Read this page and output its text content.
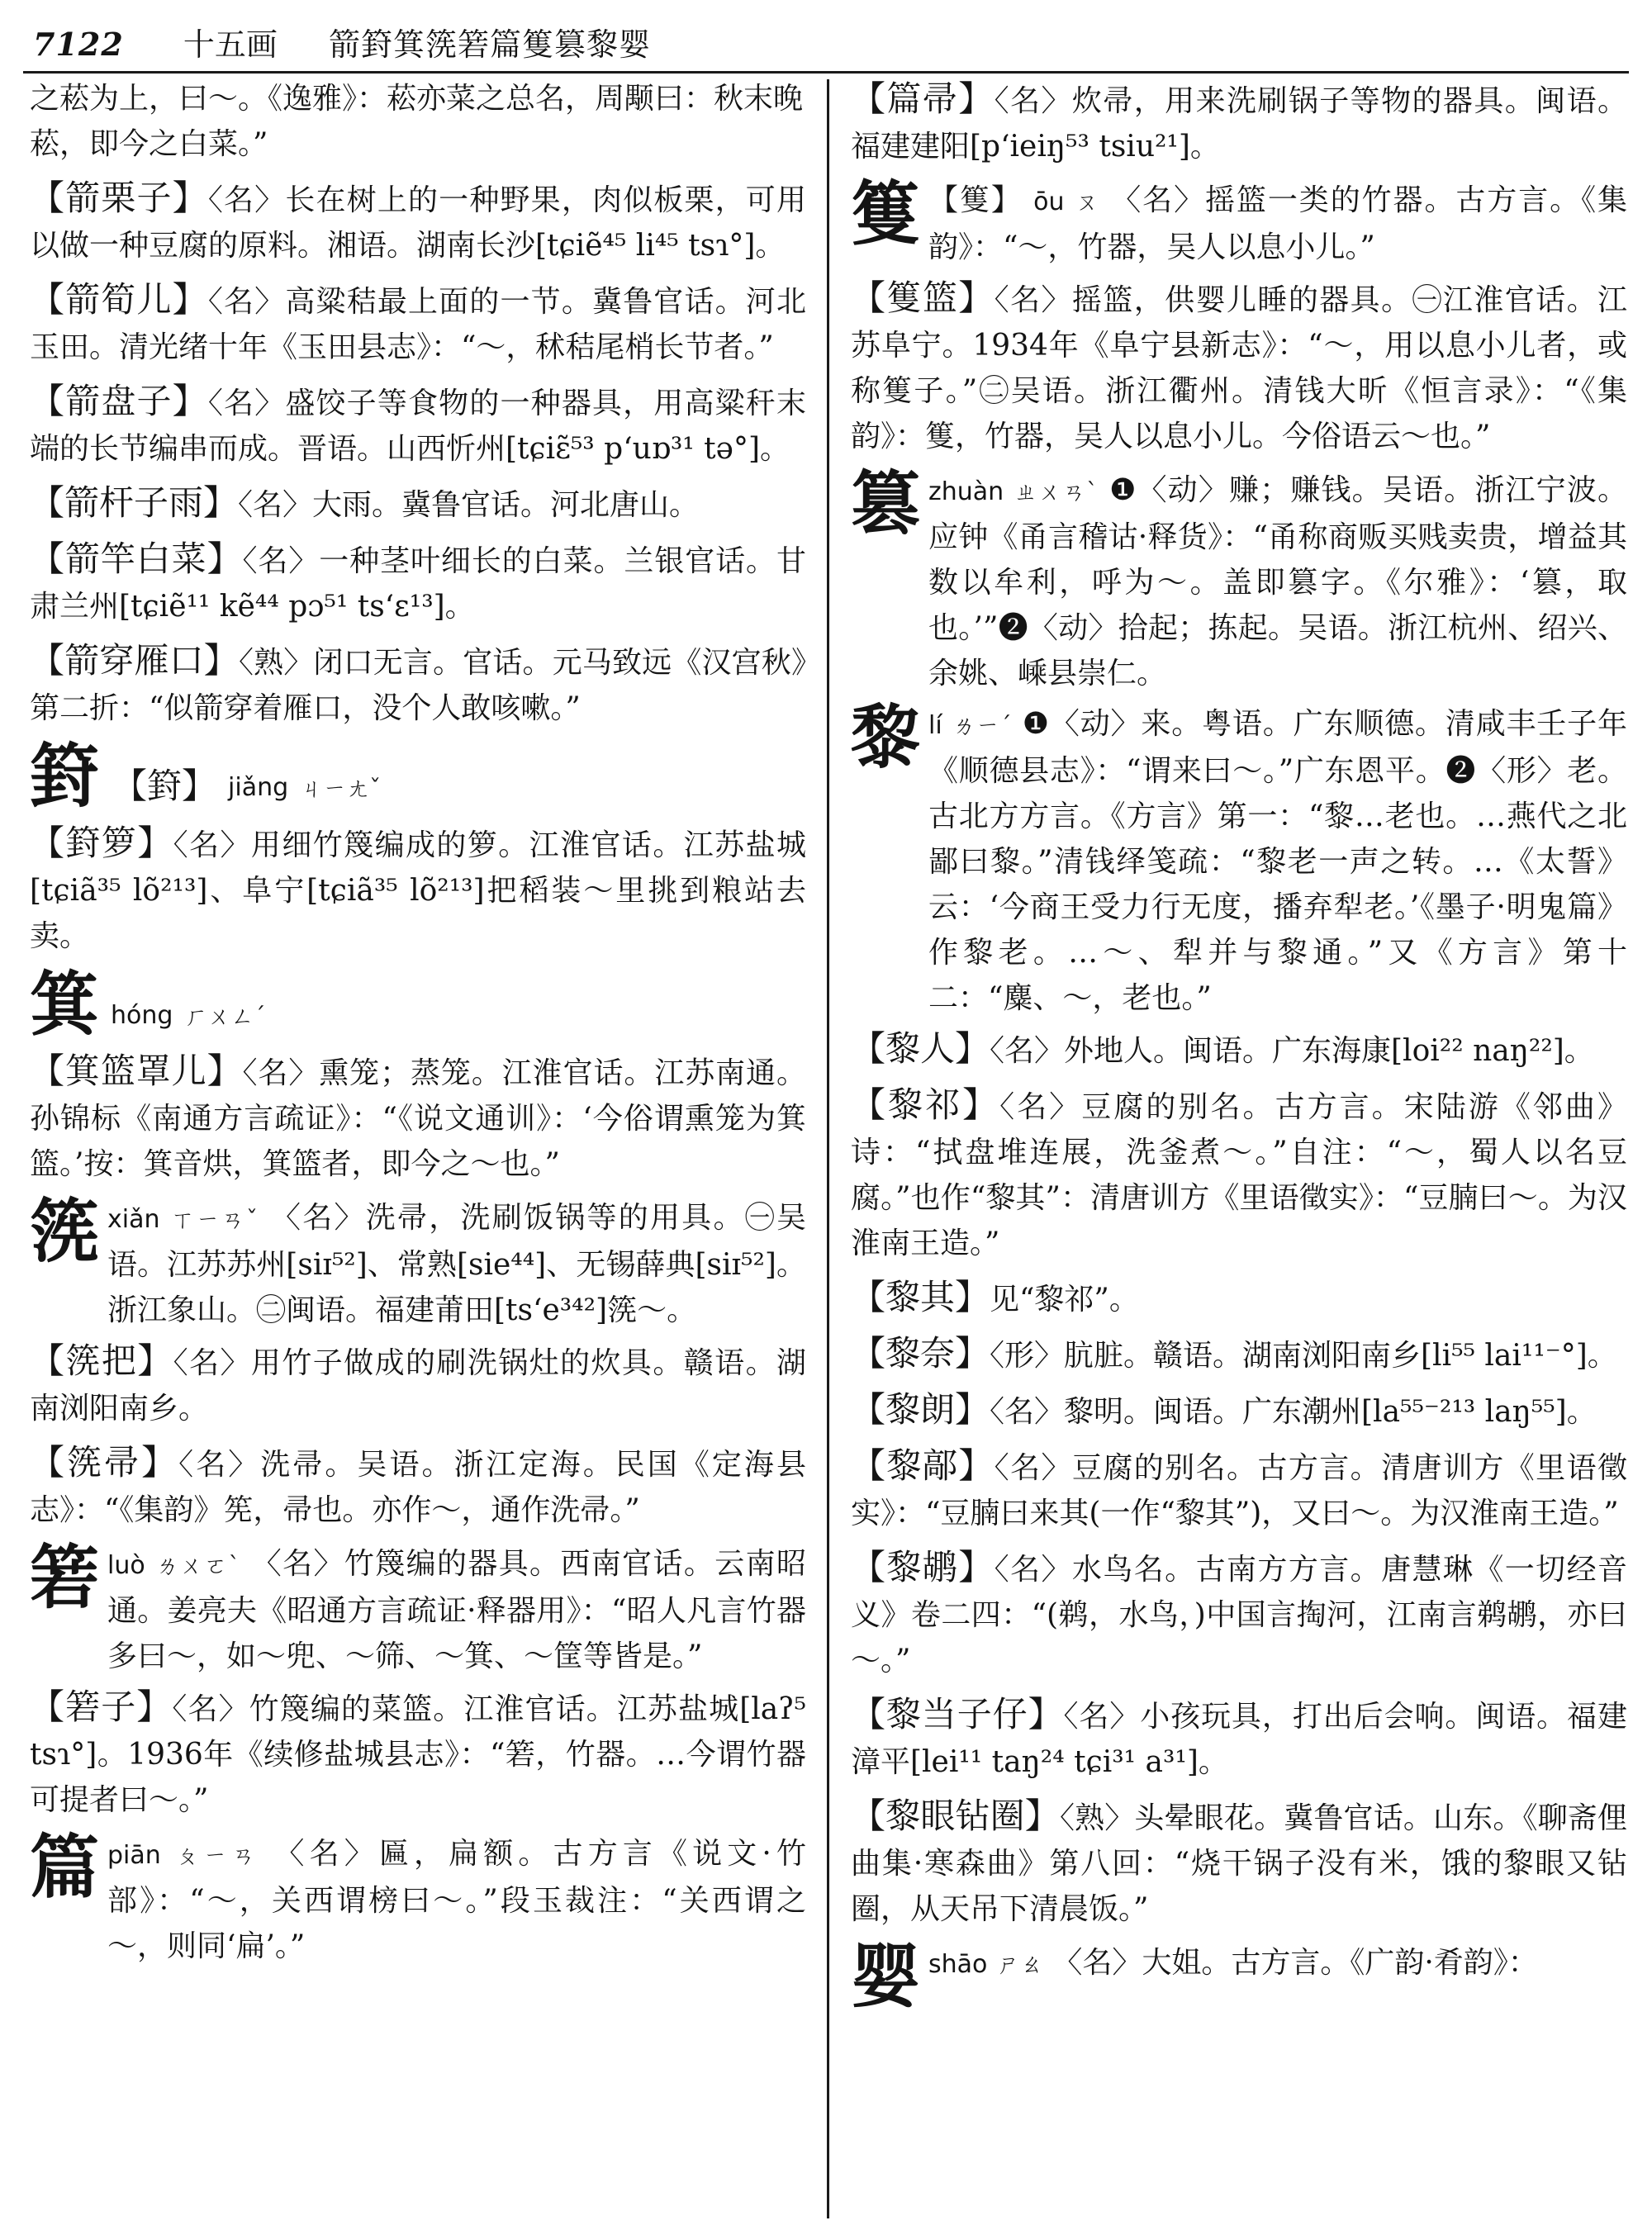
7122 十五画 箭篈箕箲箬篇篗篡黎婴

之菘为上，曰～。《逸雅》：菘亦菜之总名，周颙曰：秋末晚菘，即今之白菜。”

【箭栗子】〈名〉长在树上的一种野果，肉似板栗，可用以做一种豆腐的原料。湘语。湖南长沙[tɕiẽ⁴⁵ li⁴⁵ tsɿ°]。

【箭筍儿】〈名〉高粱秸最上面的一节。冀鲁官话。河北玉田。清光绪十年《玉田县志》：“～，秫秸尾梢长节者。”

【箭盘子】〈名〉盛饺子等食物的一种器具，用高粱秆末端的长节编串而成。晋语。山西忻州[tɕiɛ̃⁵³ pʻuɒ³¹ tə°]。

【箭杆子雨】〈名〉大雨。冀鲁官话。河北唐山。

【箭竿白菜】〈名〉一种茎叶细长的白菜。兰银官话。甘肃兰州[tɕiẽ¹¹ kẽ⁴⁴ pɔ⁵¹ tsʻɛ¹³]。

【箭穿雁口】〈熟〉闭口无言。官话。元马致远《汉宫秋》第二折：“似箭穿着雁口，没个人敢咳嗽。”

篈 【篈】 jiǎng ㄐㄧㄤˇ

【篈箩】〈名〉用细竹篾编成的箩。江淮官话。江苏盐城[tɕiã³⁵ lõ²¹³]、阜宁[tɕiã³⁵ lõ²¹³]把稻装～里挑到粮站去卖。

箕 hóng ㄏㄨㄥˊ

【箕篮罩儿】〈名〉熏笼；蒸笼。江淮官话。江苏南通。孙锦标《南通方言疏证》：“《说文通训》：‘今俗谓熏笼为箕篮。’按：箕音烘，箕篮者，即今之～也。”

箲 xiǎn ㄒㄧㄢˇ 〈名〉洗帚，洗刷饭锅等的用具。㊀吴语。江苏苏州[siɪ⁵²]、常熟[sie⁴⁴]、无锡薛典[siɪ⁵²]。浙江象山。㊁闽语。福建莆田[tsʻe³⁴²]箲～。

【箲把】〈名〉用竹子做成的刷洗锅灶的炊具。赣语。湖南浏阳南乡。

【箲帚】〈名〉洗帚。吴语。浙江定海。民国《定海县志》：“《集韵》筅，帚也。亦作～，通作洗帚。”

箬 luò ㄌㄨㄛˋ 〈名〉竹篾编的器具。西南官话。云南昭通。姜亮夫《昭通方言疏证·释器用》：“昭人凡言竹器多曰～，如～兜、～筛、～箕、～筐等皆是。”

【箬子】〈名〉竹篾编的菜篮。江淮官话。江苏盐城[laʔ⁵ tsɿ°]。1936年《续修盐城县志》：“箬，竹器。…今谓竹器可提者曰～。”

篇 piān ㄆㄧㄢ 〈名〉匾，扁额。古方言《说文·竹部》：“～，关西谓榜曰～。”段玉裁注：“关西谓之～，则同‘扁’。”

【篇帚】〈名〉炊帚，用来洗刷锅子等物的器具。闽语。福建建阳[pʻieiŋ⁵³ tsiu²¹]。

篗 【篗】 ōu ㄡ 〈名〉摇篮一类的竹器。古方言。《集韵》：“～，竹器，吴人以息小儿。”

【篗篮】〈名〉摇篮，供婴儿睡的器具。㊀江淮官话。江苏阜宁。1934年《阜宁县新志》：“～，用以息小儿者，或称篗子。”㊁吴语。浙江衢州。清钱大昕《恒言录》：“《集韵》：篗，竹器，吴人以息小儿。今俗语云～也。”

篡 zhuàn ㄓㄨㄢˋ ❶〈动〉赚；赚钱。吴语。浙江宁波。应钟《甬言稽诂·释货》：“甬称商贩买贱卖贵，增益其数以牟利，呼为～。盖即篡字。《尔雅》：‘篡，取也。’”❷〈动〉拾起；拣起。吴语。浙江杭州、绍兴、余姚、嵊县崇仁。
黎 lí ㄌㄧˊ ❶〈动〉来。粤语。广东顺德。清咸丰壬子年《顺德县志》：“谓来曰～。”广东恩平。❷〈形〉老。古北方方言。《方言》第一：“黎…老也。…燕代之北鄙曰黎。”清钱绎笺疏：“黎老一声之转。…《太誓》云：‘今商王受力行无度，播弃犁老。’《墨子·明鬼篇》作黎老。…～、犁并与黎通。”又《方言》第十二：“麋、～，老也。”

【黎人】〈名〉外地人。闽语。广东海康[loi²² naŋ²²]。

【黎祁】〈名〉豆腐的别名。古方言。宋陆游《邻曲》诗：“拭盘堆连展，洗釜煮～。”自注：“～，蜀人以名豆腐。”也作“黎其”：清唐训方《里语徵实》：“豆腩曰～。为汉淮南王造。”

【黎其】见“黎祁”。

【黎奈】〈形〉肮脏。赣语。湖南浏阳南乡[li⁵⁵ lai¹¹⁻°]。

【黎朗】〈名〉黎明。闽语。广东潮州[la⁵⁵⁻²¹³ laŋ⁵⁵]。

【黎鄗】〈名〉豆腐的别名。古方言。清唐训方《里语徵实》：“豆腩曰来其(一作“黎其”)，又曰～。为汉淮南王造。”

【黎鹕】〈名〉水鸟名。古南方方言。唐慧琳《一切经音义》卷二四：“(鹈，水鸟，)中国言掏河，江南言鹈鹕，亦曰～。”

【黎当子仔】〈名〉小孩玩具，打出后会响。闽语。福建漳平[lei¹¹ taŋ²⁴ tɕi³¹ a³¹]。

【黎眼钻圈】〈熟〉头晕眼花。冀鲁官话。山东。《聊斋俚曲集·寒森曲》第八回：“烧干锅子没有米，饿的黎眼又钻圈，从天吊下清晨饭。”

婴 shāo ㄕㄠ 〈名〉大姐。古方言。《广韵·肴韵》：
